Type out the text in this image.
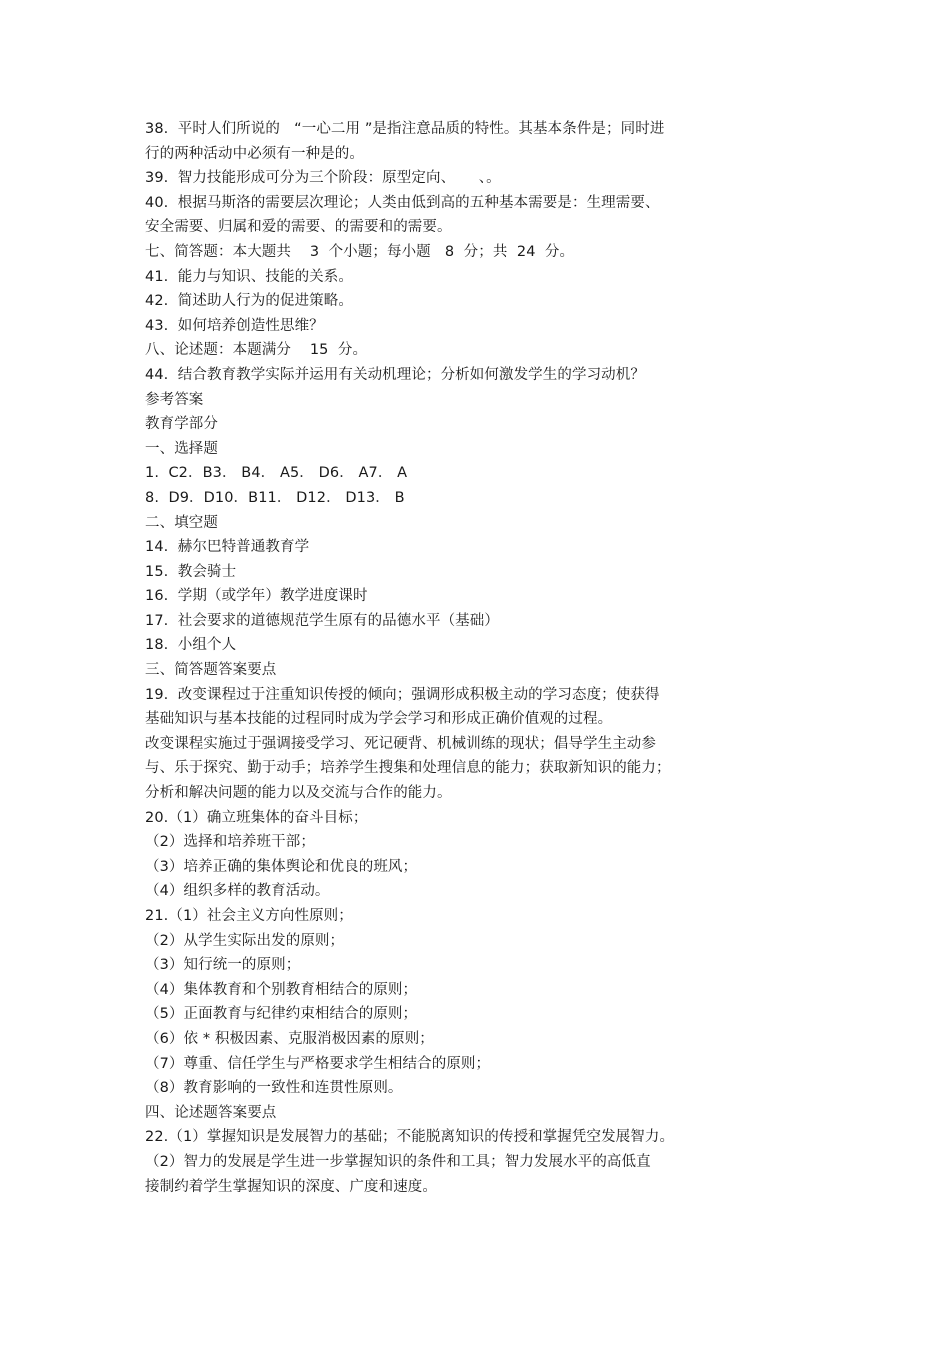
38.  平时人们所说的   “一心二用 ”是指注意品质的特性。其基本条件是；同时进
行的两种活动中必须有一种是的。
39.  智力技能形成可分为三个阶段：原型定向、     、。
40.  根据马斯洛的需要层次理论；人类由低到高的五种基本需要是：生理需要、
安全需要、归属和爱的需要、的需要和的需要。
七、简答题：本大题共    3  个小题；每小题   8  分；共  24  分。
41.  能力与知识、技能的关系。
42.  简述助人行为的促进策略。
43.  如何培养创造性思维？
八、论述题：本题满分    15  分。
44.  结合教育教学实际并运用有关动机理论；分析如何激发学生的学习动机？
参考答案
教育学部分
一、选择题
1.  C2．B3． B4． A5． D6． A7． A
8.  D9．D10．B11． D12． D13． B
二、填空题
14.  赫尔巴特普通教育学
15.  教会骑士
16.  学期（或学年）教学进度课时
17.  社会要求的道德规范学生原有的品德水平（基础）
18.  小组个人
三、简答题答案要点
19.  改变课程过于注重知识传授的倾向；强调形成积极主动的学习态度；使获得
基础知识与基本技能的过程同时成为学会学习和形成正确价值观的过程。
改变课程实施过于强调接受学习、死记硬背、机械训练的现状；倡导学生主动参
与、乐于探究、勤于动手；培养学生搜集和处理信息的能力；获取新知识的能力；
分析和解决问题的能力以及交流与合作的能力。
20.（1）确立班集体的奋斗目标；
（2）选择和培养班干部；
（3）培养正确的集体舆论和优良的班风；
（4）组织多样的教育活动。
21.（1）社会主义方向性原则；
（2）从学生实际出发的原则；
（3）知行统一的原则；
（4）集体教育和个别教育相结合的原则；
（5）正面教育与纪律约束相结合的原则；
（6）依 * 积极因素、克服消极因素的原则；
（7）尊重、信任学生与严格要求学生相结合的原则；
（8）教育影响的一致性和连贯性原则。
四、论述题答案要点
22.（1）掌握知识是发展智力的基础；不能脱离知识的传授和掌握凭空发展智力。
（2）智力的发展是学生进一步掌握知识的条件和工具；智力发展水平的高低直
接制约着学生掌握知识的深度、广度和速度。
